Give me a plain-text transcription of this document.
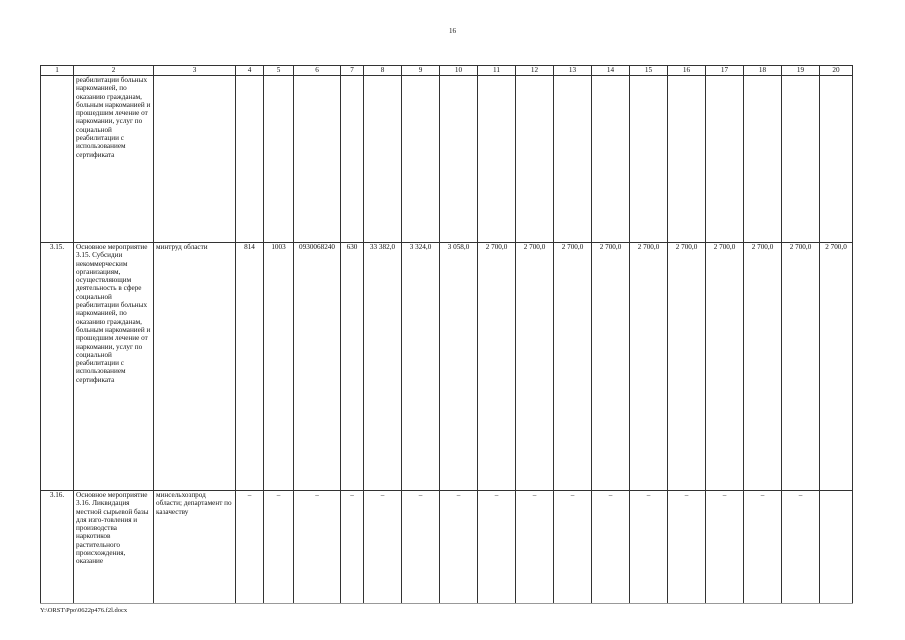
16
1	2	3	4	5	6	7	8	9	10	11	12	13	14	15	16	17	18	19	20
	реабилитации больных наркоманией, по оказанию гражданам, больным наркоманией и прошедшим лечение от наркомании, услуг по социальной реабилитации с использованием сертификата																		
3.15.	Основное мероприятие 3.15. Субсидии некоммерческим организациям, осуществляющим деятельность в сфере социальной реабилитации больных наркоманией, по оказанию гражданам, больным наркоманией и прошедшим лечение от наркомании, услуг по социальной реабилитации с использованием сертификата	минтруд области	814	1003	0930068240	630	33 382,0	3 324,0	3 058,0	2 700,0	2 700,0	2 700,0	2 700,0	2 700,0	2 700,0	2 700,0	2 700,0	2 700,0	2 700,0
3.16.	Основное мероприятие 3.16. Ликвидация местной сырьевой базы для изго-товления и производства наркотиков растительного происхождения, оказание	минсельхозпрод области; департамент по казачеству	–	–	–	–	–	–	–	–	–	–	–	–	–	–	–	–	
Y:\ORST\Ppo\0622p476.f2l.docx
